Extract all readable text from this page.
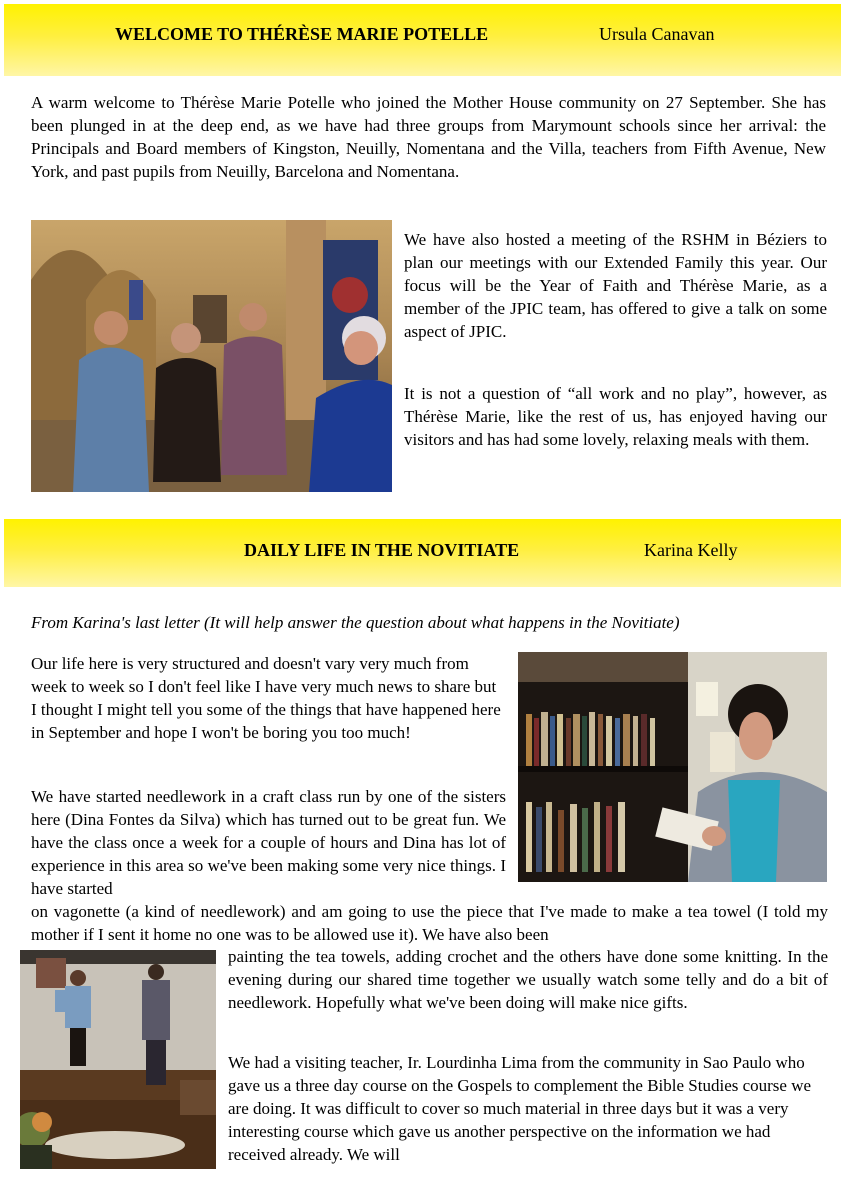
WELCOME TO THÉRÈSE MARIE POTELLE	Ursula Canavan

A warm welcome to Thérèse Marie Potelle who joined the Mother House community on 27 September. She has been plunged in at the deep end, as we have had three groups from Marymount schools since her arrival: the Principals and Board members of Kingston, Neuilly, Nomentana and the Villa, teachers from Fifth Avenue, New York, and past pupils from Neuilly, Barcelona and Nomentana.

We have also hosted a meeting of the RSHM in Béziers to plan our meetings with our Extended Family this year. Our focus will be the Year of Faith and Thérèse Marie, as a member of the JPIC team, has offered to give a talk on some aspect of JPIC.

It is not a question of “all work and no play”, however, as Thérèse Marie, like the rest of us, has enjoyed having our visitors and has had some lovely, relaxing meals with them.

DAILY LIFE IN THE NOVITIATE	Karina Kelly

From Karina's last letter (It will help answer the question about what happens in the Novitiate)

Our life here is very structured and doesn't vary very much from week to week so I don't feel like I have very much news to share but I thought I might tell you some of the things that have happened here in September and hope I won't be boring you too much!

We have started needlework in a craft class run by one of the sisters here (Dina Fontes da Silva) which has turned out to be great fun. We have the class once a week for a couple of hours and Dina has lot of experience in this area so we've been making some very nice things. I have started

on vagonette (a kind of needlework) and am going to use the piece that I've made to make a tea towel (I told my mother if I sent it home no one was to be allowed use it). We have also been

painting the tea towels, adding crochet and the others have done some knitting. In the evening during our shared time together we usually watch some telly and do a bit of needlework. Hopefully what we've been doing will make nice gifts.

We had a visiting teacher, Ir. Lourdinha Lima from the community in Sao Paulo who gave us a three day course on the Gospels to complement the Bible Studies course we are doing. It was difficult to cover so much material in three days but it was a very interesting course which gave us another perspective on the information we had received already. We will
